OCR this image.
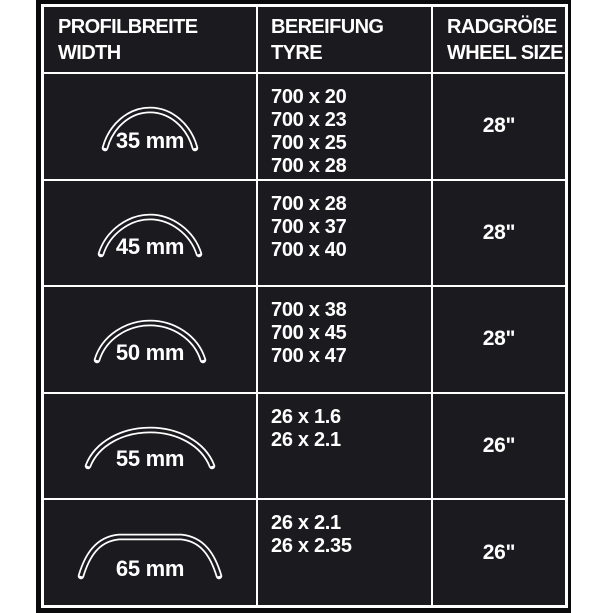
PROFILBREITE
WIDTH
BEREIFUNG
TYRE
RADGRÖßE
WHEEL SIZE
35 mm
700 x 20
700 x 23
700 x 25
700 x 28
28"
45 mm
700 x 28
700 x 37
700 x 40
28"
50 mm
700 x 38
700 x 45
700 x 47
28"
55 mm
26 x 1.6
26 x 2.1	26"
65 mm
26 x 2.1
26 x 2.35	26"
